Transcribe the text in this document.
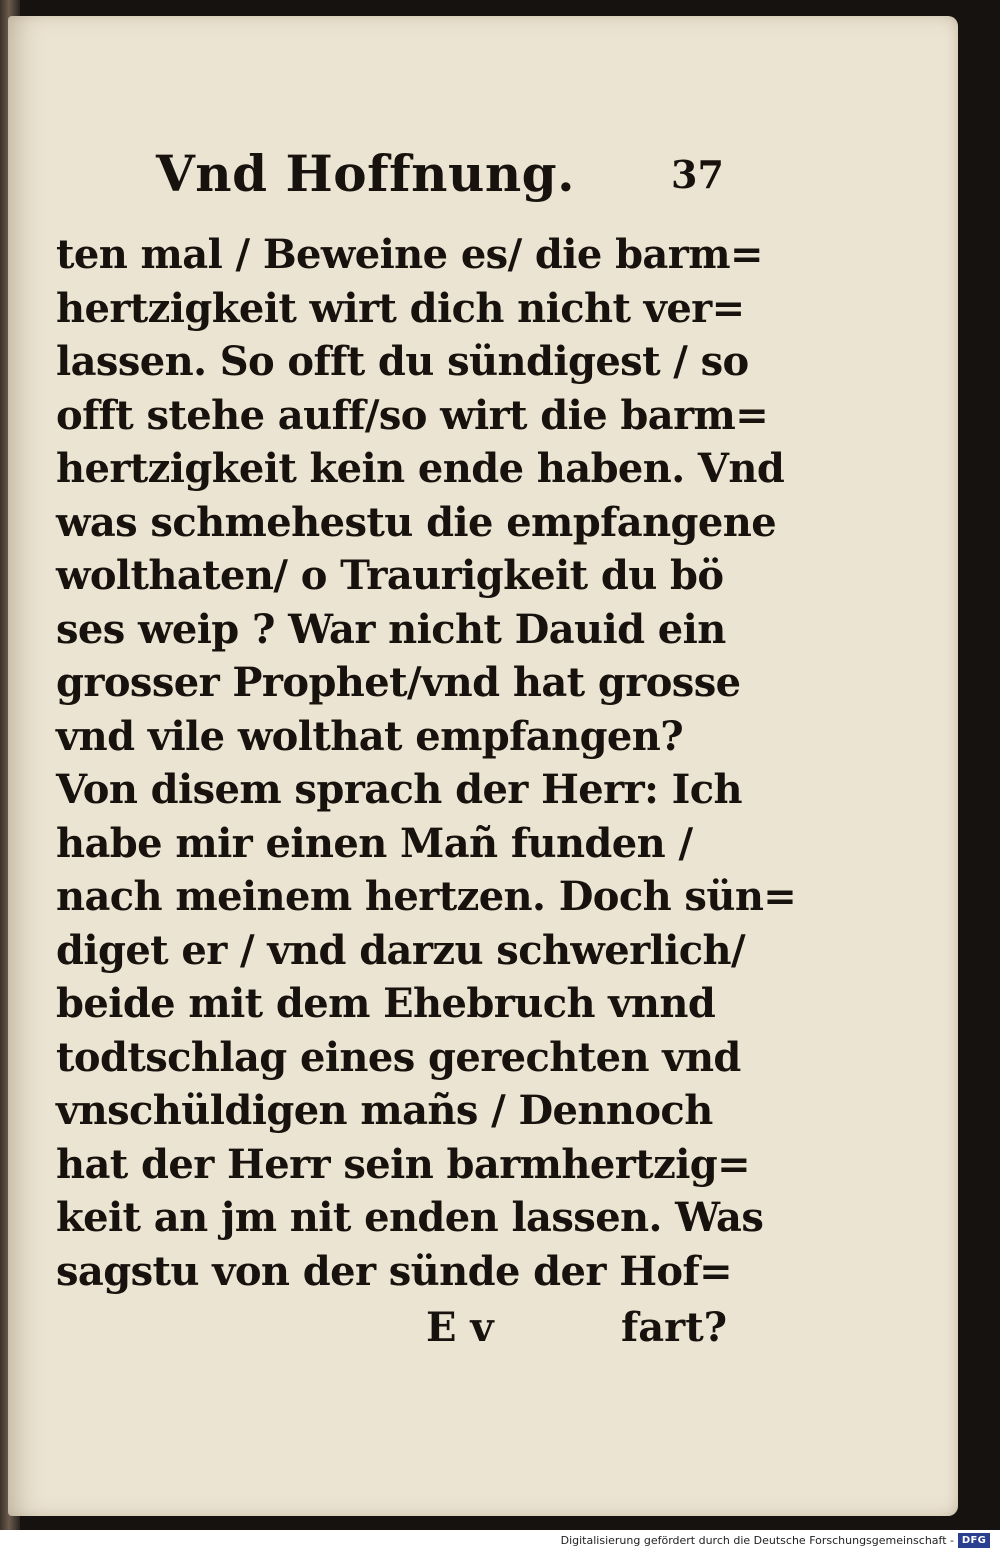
Vnd Hoffnung.	37
ten mal / Beweine es/ die barm=
hertzigkeit wirt dich nicht ver=
lassen. So offt du sündigest / so
offt stehe auff/so wirt die barm=
hertzigkeit kein ende haben. Vnd
was schmehestu die empfangene
wolthaten/ o Traurigkeit du bö
ses weip ? War nicht Dauid ein
grosser Prophet/vnd hat grosse
vnd vile wolthat empfangen?
Von disem sprach der Herr: Ich
habe mir einen Mañ funden /
nach meinem hertzen. Doch sün=
diget er / vnd darzu schwerlich/
beide mit dem Ehebruch vnnd
todtschlag eines gerechten vnd
vnschüldigen mañs / Dennoch
hat der Herr sein barmhertzig=
keit an jm nit enden lassen. Was
sagstu von der sünde der Hof=
E v	fart?
Digitalisierung gefördert durch die Deutsche Forschungsgemeinschaft - DFG
